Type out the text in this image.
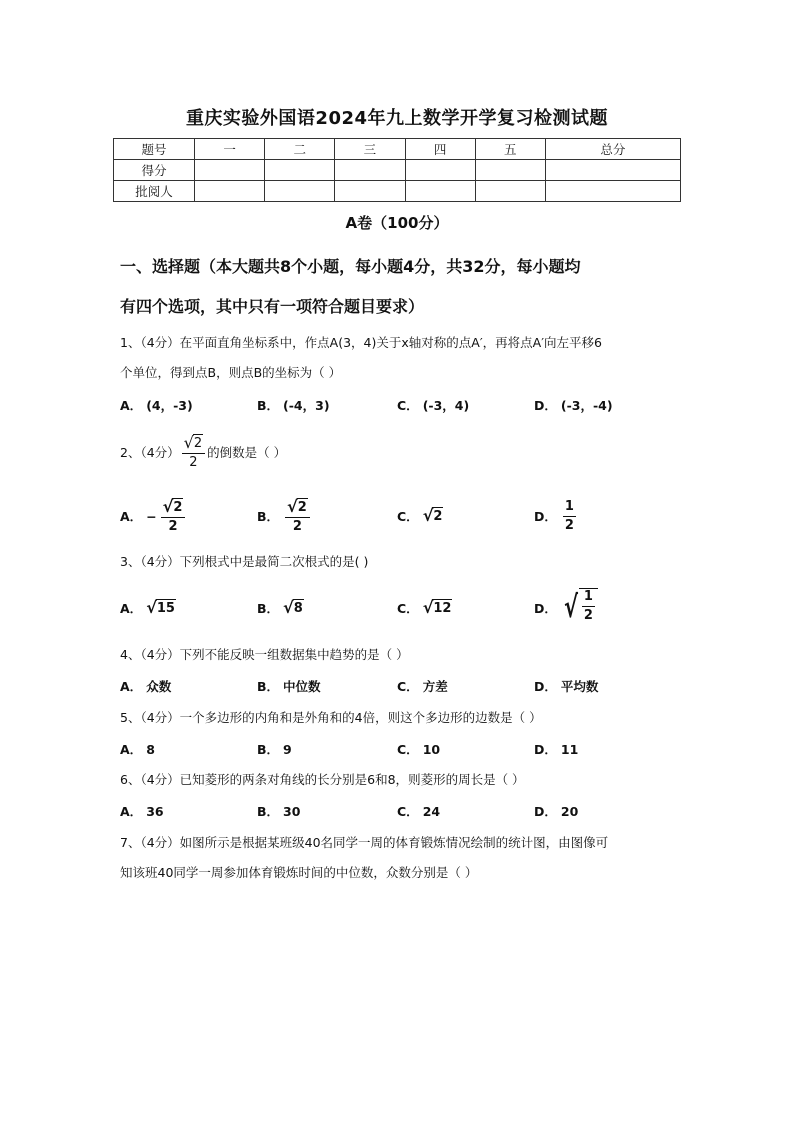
重庆实验外国语2024年九上数学开学复习检测试题
题号	一	二	三	四	五	总分
得分						
批阅人						
A卷（100分）
一、选择题（本大题共8个小题，每小题4分，共32分，每小题均
有四个选项，其中只有一项符合题目要求）
1、（4分）在平面直角坐标系中，作点A(3，4)关于x轴对称的点A′，再将点A′向左平移6
个单位，得到点B，则点B的坐标为（ ）
A． (4，-3)	B． (-4，3)	C． (-3，4)	D． (-3，-4)
2、（4分） $\frac{√ 2}{2}$ 的倒数是（ ）
A． − $\frac{√ 2}{2}$	B． $\frac{√ 2}{2}$	C． √ 2	D． $\frac{1}{2}$
3、（4分）下列根式中是最简二次根式的是( )
A． √ 15	B． √ 8	C． √ 12	D． √ $\frac{1}{2}$
4、（4分）下列不能反映一组数据集中趋势的是（ ）
A． 众数	B． 中位数	C． 方差	D． 平均数
5、（4分）一个多边形的内角和是外角和的4倍，则这个多边形的边数是（ ）
A． 8	B． 9	C． 10	D． 11
6、（4分）已知菱形的两条对角线的长分别是6和8，则菱形的周长是（ ）
A． 36	B． 30	C． 24	D． 20
7、（4分）如图所示是根据某班级40名同学一周的体育锻炼情况绘制的统计图，由图像可
知该班40同学一周参加体育锻炼时间的中位数，众数分别是（ ）
